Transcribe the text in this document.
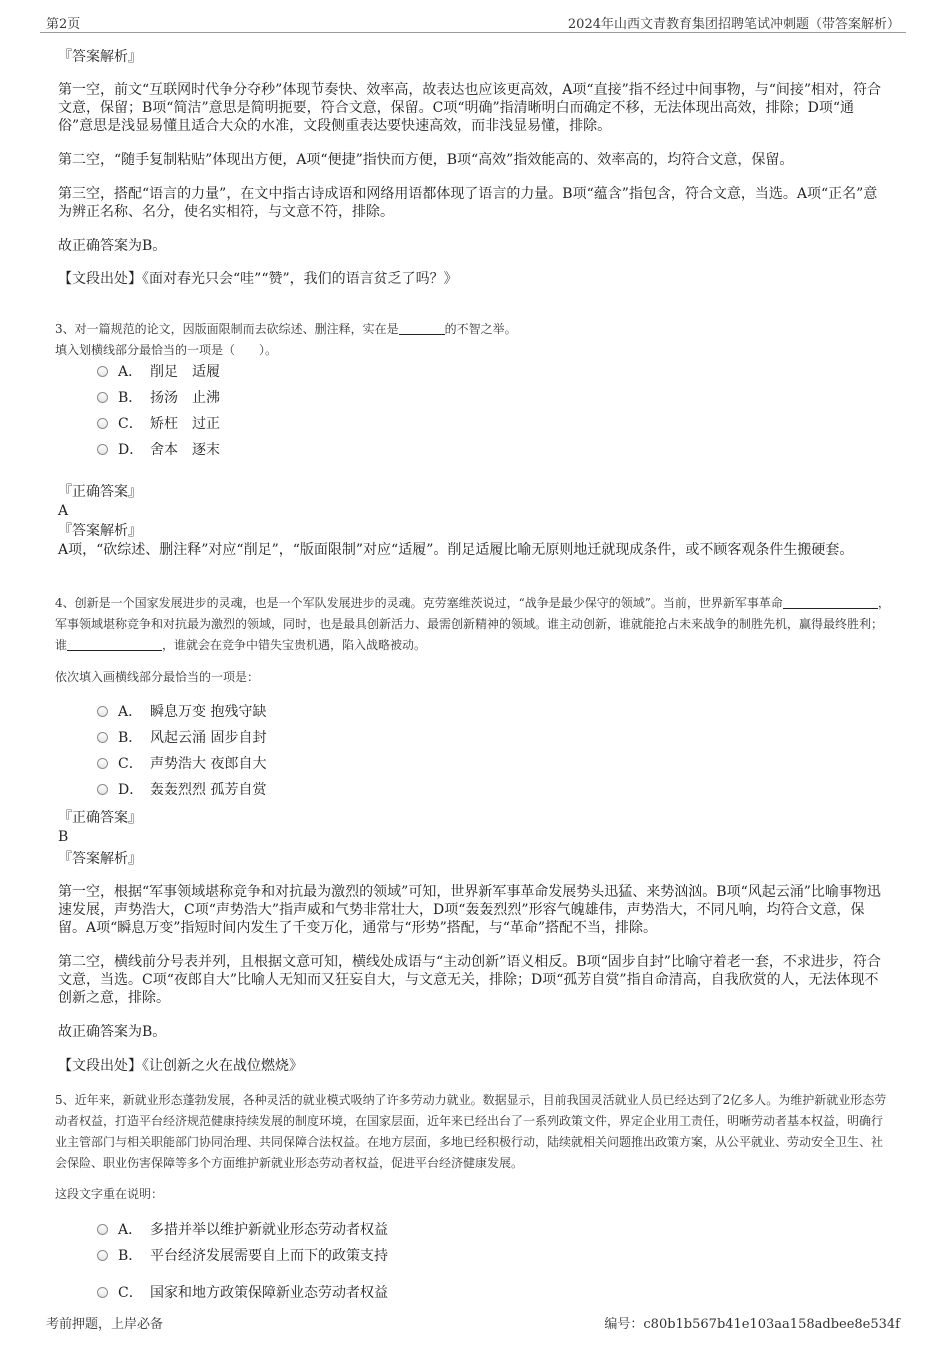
第2页	2024年山西文青教育集团招聘笔试冲刺题（带答案解析）
『答案解析』
第一空，前文“互联网时代争分夺秒”体现节奏快、效率高，故表达也应该更高效，A项“直接”指不经过中间事物，与“间接”相对，符合文意，保留；B项“简洁”意思是简明扼要，符合文意，保留。C项“明确”指清晰明白而确定不移，无法体现出高效，排除；D项“通俗”意思是浅显易懂且适合大众的水准，文段侧重表达要快速高效，而非浅显易懂，排除。
第二空，“随手复制粘贴”体现出方便，A项“便捷”指快而方便，B项“高效”指效能高的、效率高的，均符合文意，保留。
第三空，搭配“语言的力量”，在文中指古诗成语和网络用语都体现了语言的力量。B项“蕴含”指包含，符合文意，当选。A项“正名”意为辨正名称、名分，使名实相符，与文意不符，排除。
故正确答案为B。
【文段出处】《面对春光只会“哇”“赞”，我们的语言贫乏了吗？》
3、对一篇规范的论文，因版面限制而去砍综述、删注释，实在是	的不智之举。
填入划横线部分最恰当的一项是（　　）。
A． 削足　适履
B． 扬汤　止沸
C． 矫枉　过正
D． 舍本　逐末
『正确答案』
A
『答案解析』
A项，“砍综述、删注释”对应“削足”，“版面限制”对应“适履”。削足适履比喻无原则地迁就现成条件，或不顾客观条件生搬硬套。
4、创新是一个国家发展进步的灵魂，也是一个军队发展进步的灵魂。克劳塞维茨说过，“战争是最少保守的领域”。当前，世界新军事革命	，军事领域堪称竞争和对抗最为激烈的领域，同时，也是最具创新活力、最需创新精神的领域。谁主动创新，谁就能抢占未来战争的制胜先机，赢得最终胜利；谁	，谁就会在竞争中错失宝贵机遇，陷入战略被动。
依次填入画横线部分最恰当的一项是：
A． 瞬息万变 抱残守缺
B． 风起云涌 固步自封
C． 声势浩大 夜郎自大
D． 轰轰烈烈 孤芳自赏
『正确答案』
B
『答案解析』
第一空，根据“军事领域堪称竞争和对抗最为激烈的领域”可知，世界新军事革命发展势头迅猛、来势汹汹。B项“风起云涌”比喻事物迅速发展，声势浩大，C项“声势浩大”指声威和气势非常壮大，D项“轰轰烈烈”形容气魄雄伟，声势浩大，不同凡响，均符合文意，保留。A项“瞬息万变”指短时间内发生了千变万化，通常与“形势”搭配，与“革命”搭配不当，排除。
第二空，横线前分号表并列，且根据文意可知，横线处成语与“主动创新”语义相反。B项“固步自封”比喻守着老一套，不求进步，符合文意，当选。C项“夜郎自大”比喻人无知而又狂妄自大，与文意无关，排除；D项“孤芳自赏”指自命清高，自我欣赏的人，无法体现不创新之意，排除。
故正确答案为B。
【文段出处】《让创新之火在战位燃烧》
5、近年来，新就业形态蓬勃发展，各种灵活的就业模式吸纳了许多劳动力就业。数据显示，目前我国灵活就业人员已经达到了2亿多人。为维护新就业形态劳动者权益，打造平台经济规范健康持续发展的制度环境，在国家层面，近年来已经出台了一系列政策文件，界定企业用工责任，明晰劳动者基本权益，明确行业主管部门与相关职能部门协同治理、共同保障合法权益。在地方层面，多地已经积极行动，陆续就相关问题推出政策方案，从公平就业、劳动安全卫生、社会保险、职业伤害保障等多个方面维护新就业形态劳动者权益，促进平台经济健康发展。
这段文字重在说明：
A． 多措并举以维护新就业形态劳动者权益
B． 平台经济发展需要自上而下的政策支持
C． 国家和地方政策保障新业态劳动者权益
考前押题，上岸必备	编号：c80b1b567b41e103aa158adbee8e534f
